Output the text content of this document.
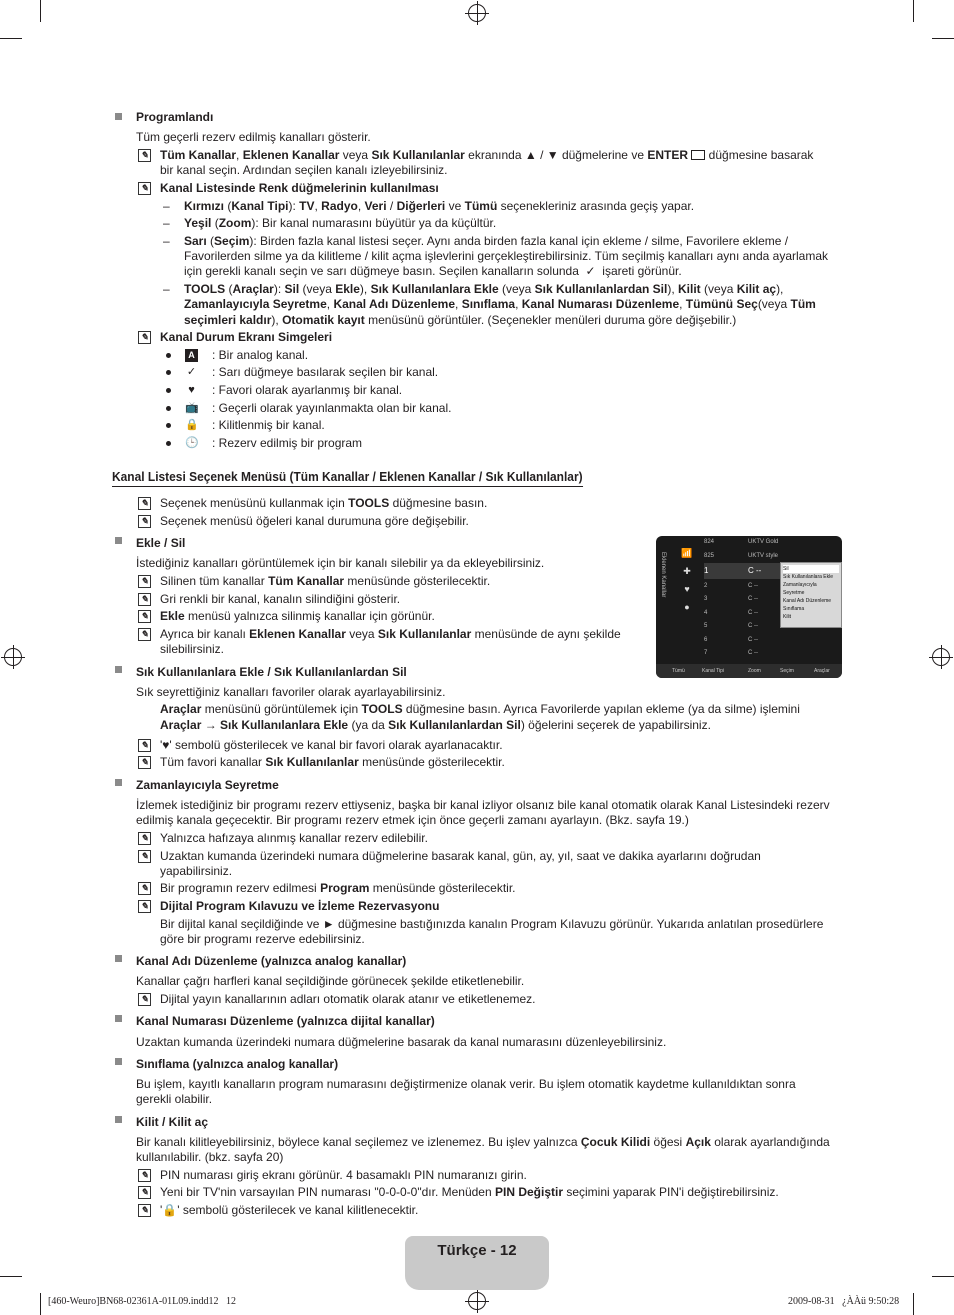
Programlandı
Tüm geçerli rezerv edilmiş kanalları gösterir.
Tüm Kanallar, Eklenen Kanallar veya Sık Kullanılanlar ekranında ▲ / ▼ düğmelerine ve ENTER  düğmesine basarak
bir kanal seçin. Ardından seçilen kanalı izleyebilirsiniz.
Kanal Listesinde Renk düğmelerinin kullanılması
Kırmızı (Kanal Tipi): TV, Radyo, Veri / Diğerleri ve Tümü seçenekleriniz arasında geçiş yapar.
Yeşil (Zoom): Bir kanal numarasını büyütür ya da küçültür.
Sarı (Seçim): Birden fazla kanal listesi seçer. Aynı anda birden fazla kanal için ekleme / silme, Favorilere ekleme /
Favorilerden silme ya da kilitleme / kilit açma işlevlerini gerçekleştirebilirsiniz. Tüm seçilmiş kanalları aynı anda ayarlamak
için gerekli kanalı seçin ve sarı düğmeye basın. Seçilen kanalların solunda  ✓  işareti görünür.
TOOLS (Araçlar): Sil (veya Ekle), Sık Kullanılanlara Ekle (veya Sık Kullanılanlardan Sil), Kilit (veya Kilit aç),
Zamanlayıcıyla Seyretme, Kanal Adı Düzenleme, Sınıflama, Kanal Numarası Düzenleme, Tümünü Seç(veya Tüm
seçimleri kaldır), Otomatik kayıt menüsünü görüntüler. (Seçenekler menüleri duruma göre değişebilir.)
Kanal Durum Ekranı Simgeleri
: Bir analog kanal.
: Sarı düğmeye basılarak seçilen bir kanal.
: Favori olarak ayarlanmış bir kanal.
: Geçerli olarak yayınlanmakta olan bir kanal.
: Kilitlenmiş bir kanal.
: Rezerv edilmiş bir program
Seçenek menüsünü kullanmak için TOOLS düğmesine basın.
Seçenek menüsü öğeleri kanal durumuna göre değişebilir.
Ekle / Sil
İstediğiniz kanalları görüntülemek için bir kanalı silebilir ya da ekleyebilirsiniz.
Silinen tüm kanallar Tüm Kanallar menüsünde gösterilecektir.
Gri renkli bir kanal, kanalın silindiğini gösterir.
Ekle menüsü yalnızca silinmiş kanallar için görünür.
Ayrıca bir kanalı Eklenen Kanallar veya Sık Kullanılanlar menüsünde de aynı şekilde
silebilirsiniz.
Sık Kullanılanlara Ekle / Sık Kullanılanlardan Sil
Sık seyrettiğiniz kanalları favoriler olarak ayarlayabilirsiniz.
Araçlar menüsünü görüntülemek için TOOLS düğmesine basın. Ayrıca Favorilerde yapılan ekleme (ya da silme) işlemini
Araçlar → Sık Kullanılanlara Ekle (ya da Sık Kullanılanlardan Sil) öğelerini seçerek de yapabilirsiniz.
'♥' sembolü gösterilecek ve kanal bir favori olarak ayarlanacaktır.
Tüm favori kanallar Sık Kullanılanlar menüsünde gösterilecektir.
Zamanlayıcıyla Seyretme
İzlemek istediğiniz bir programı rezerv ettiyseniz, başka bir kanal izliyor olsanız bile kanal otomatik olarak Kanal Listesindeki rezerv
edilmiş kanala geçecektir. Bir programı rezerv etmek için önce geçerli zamanı ayarlayın. (Bkz. sayfa 19.)
Yalnızca hafızaya alınmış kanallar rezerv edilebilir.
Uzaktan kumanda üzerindeki numara düğmelerine basarak kanal, gün, ay, yıl, saat ve dakika ayarlarını doğrudan
yapabilirsiniz.
Bir programın rezerv edilmesi Program menüsünde gösterilecektir.
Dijital Program Kılavuzu ve İzleme Rezervasyonu
Bir dijital kanal seçildiğinde ve ► düğmesine bastığınızda kanalın Program Kılavuzu görünür. Yukarıda anlatılan prosedürlere
göre bir programı rezerve edebilirsiniz.
Kanal Adı Düzenleme (yalnızca analog kanallar)
Kanallar çağrı harfleri kanal seçildiğinde görünecek şekilde etiketlenebilir.
Dijital yayın kanallarının adları otomatik olarak atanır ve etiketlenemez.
Kanal Numarası Düzenleme (yalnızca dijital kanallar)
Uzaktan kumanda üzerindeki numara düğmelerine basarak da kanal numarasını düzenleyebilirsiniz.
Sınıflama (yalnızca analog kanallar)
Bu işlem, kayıtlı kanalların program numarasını değiştirmenize olanak verir. Bu işlem otomatik kaydetme kullanıldıktan sonra
gerekli olabilir.
Kilit / Kilit aç
Bir kanalı kilitleyebilirsiniz, böylece kanal seçilemez ve izlenemez. Bu işlev yalnızca Çocuk Kilidi öğesi Açık olarak ayarlandığında
kullanılabilir. (bkz. sayfa 20)
PIN numarası giriş ekranı görünür. 4 basamaklı PIN numaranızı girin.
Yeni bir TV'nin varsayılan PIN numarası "0-0-0-0"dır. Menüden PIN Değiştir seçimini yaparak PIN'i değiştirebilirsiniz.
'🔒' sembolü gösterilecek ve kanal kilitlenecektir.
✎
✎
✎
✎
✎
✎
✎
✎
✎
✎
✎
✎
✎
✎
✎
✎
✎
✎
✎
–
–
–
–
A
✓
♥
📺
🔒
🕒
Kanal Listesi Seçenek Menüsü (Tüm Kanallar / Eklenen Kanallar / Sık Kullanılanlar)
Eklenen Kanallar	📶
✚
♥
●
824	UKTV Gold
825	UKTV style
1	C --
2	C --
3	C --
4	C --
5	C --
6	C --
7	C --
Sil
Sık Kullanılanlara Ekle
Zamanlayıcıyla Seyretme
Kanal Adı Düzenleme
Sınıflama
Kilit
Tümü	Kanal Tipi	Zoom	Seçim	Araçlar
Türkçe - 12
[460-Weuro]BN68-02361A-01L09.indd12   12	2009-08-31   ¿ÀÀü 9:50:28
